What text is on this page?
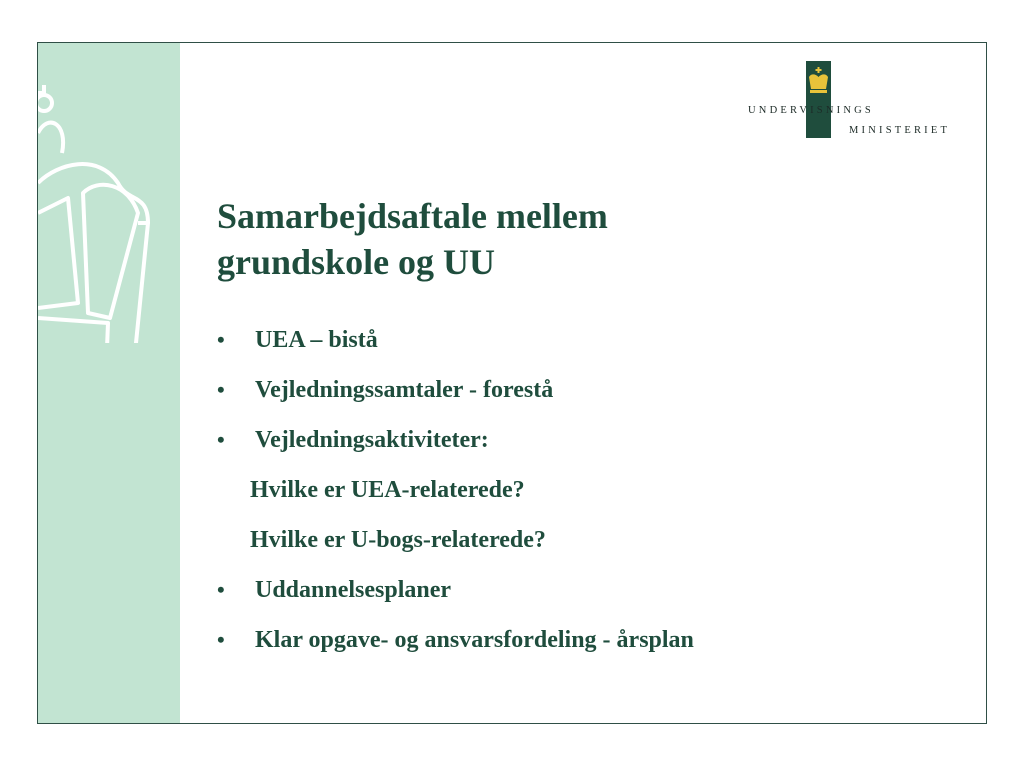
UNDERVISNINGS
MINISTERIET
Samarbejdsaftale mellem
grundskole og UU
•	UEA – bistå
•	Vejledningssamtaler - forestå
•	Vejledningsaktiviteter:
Hvilke er UEA-relaterede?
Hvilke er U-bogs-relaterede?
•	Uddannelsesplaner
•	Klar opgave- og ansvarsfordeling - årsplan
